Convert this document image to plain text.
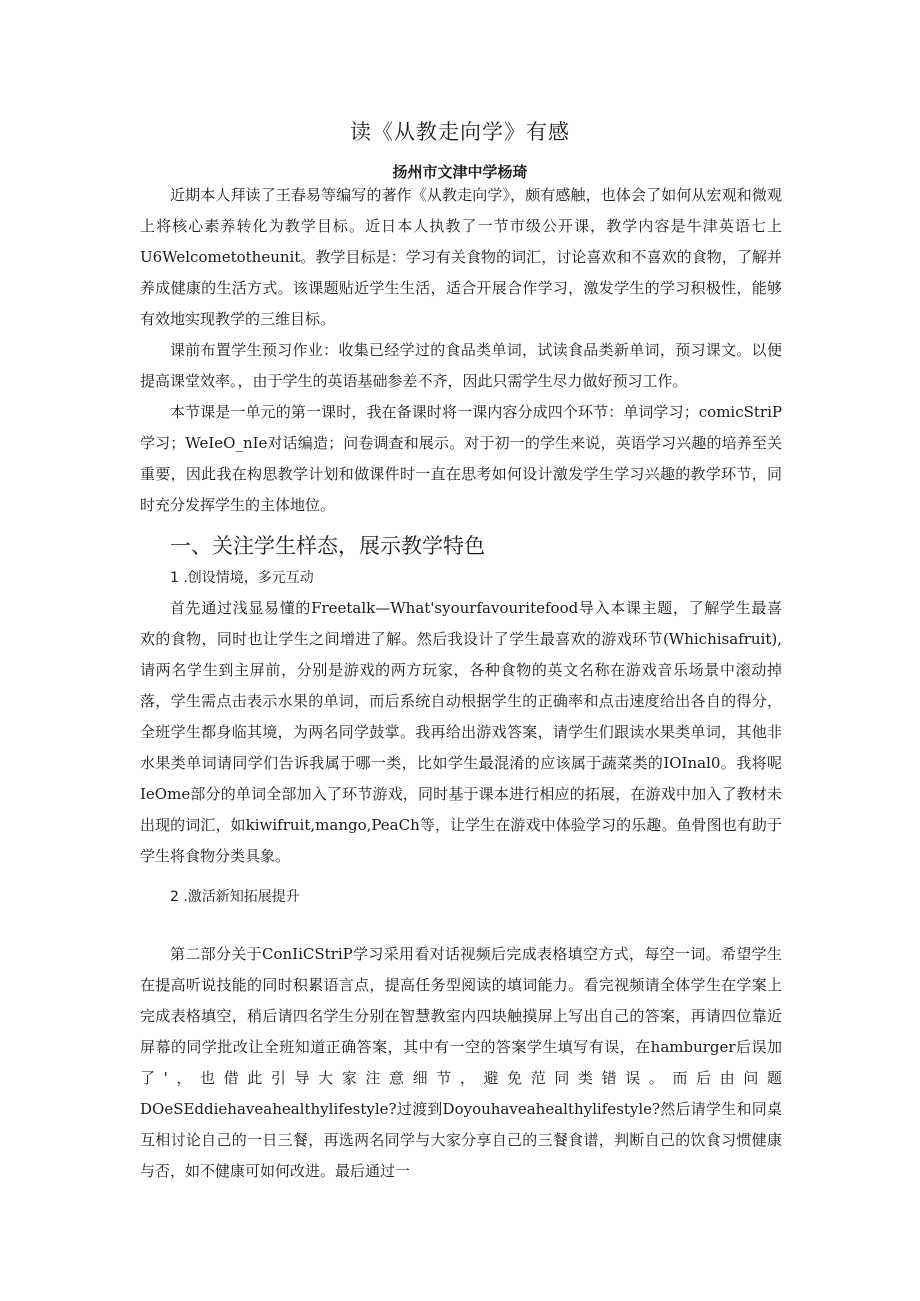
读《从教走向学》有感
扬州市文津中学杨琦

近期本人拜读了王春易等编写的著作《从教走向学》，颇有感触，也体会了如何从宏观和微观上将核心素养转化为教学目标。近日本人执教了一节市级公开课，教学内容是牛津英语七上U6Welcometotheunit。教学目标是：学习有关食物的词汇，讨论喜欢和不喜欢的食物，了解并养成健康的生活方式。该课题贴近学生生活，适合开展合作学习，激发学生的学习积极性，能够有效地实现教学的三维目标。

课前布置学生预习作业：收集已经学过的食品类单词，试读食品类新单词，预习课文。以便提高课堂效率。，由于学生的英语基础参差不齐，因此只需学生尽力做好预习工作。

本节课是一单元的第一课时，我在备课时将一课内容分成四个环节：单词学习；comicStriP学习；WeIeO_nIe对话编造；问卷调查和展示。对于初一的学生来说，英语学习兴趣的培养至关重要，因此我在构思教学计划和做课件时一直在思考如何设计激发学生学习兴趣的教学环节，同时充分发挥学生的主体地位。

一、关注学生样态，展示教学特色
1 .创设情境，多元互动

首先通过浅显易懂的Freetalk—What'syourfavouritefood导入本课主题，了解学生最喜欢的食物，同时也让学生之间增进了解。然后我设计了学生最喜欢的游戏环节(Whichisafruit),请两名学生到主屏前，分别是游戏的两方玩家，各种食物的英文名称在游戏音乐场景中滚动掉落，学生需点击表示水果的单词，而后系统自动根据学生的正确率和点击速度给出各自的得分，全班学生都身临其境，为两名同学鼓掌。我再给出游戏答案，请学生们跟读水果类单词，其他非水果类单词请同学们告诉我属于哪一类，比如学生最混淆的应该属于蔬菜类的IOInal0。我将呢IeOme部分的单词全部加入了环节游戏，同时基于课本进行相应的拓展，在游戏中加入了教材未出现的词汇，如kiwifruit,mango,PeaCh等，让学生在游戏中体验学习的乐趣。鱼骨图也有助于学生将食物分类具象。

2 .激活新知拓展提升

第二部分关于ConIiCStriP学习采用看对话视频后完成表格填空方式，每空一词。希望学生在提高听说技能的同时积累语言点，提高任务型阅读的填词能力。看完视频请全体学生在学案上完成表格填空，稍后请四名学生分别在智慧教室内四块触摸屏上写出自己的答案，再请四位靠近屏幕的同学批改让全班知道正确答案，其中有一空的答案学生填写有误，在hamburger后误加了'，也借此引导大家注意细节，避免范同类错误。而后由问题DOeSEddiehaveahealthylifestyle?过渡到Doyouhaveahealthylifestyle?然后请学生和同桌互相讨论自己的一日三餐，再选两名同学与大家分享自己的三餐食谱，判断自己的饮食习惯健康与否，如不健康可如何改进。最后通过一
